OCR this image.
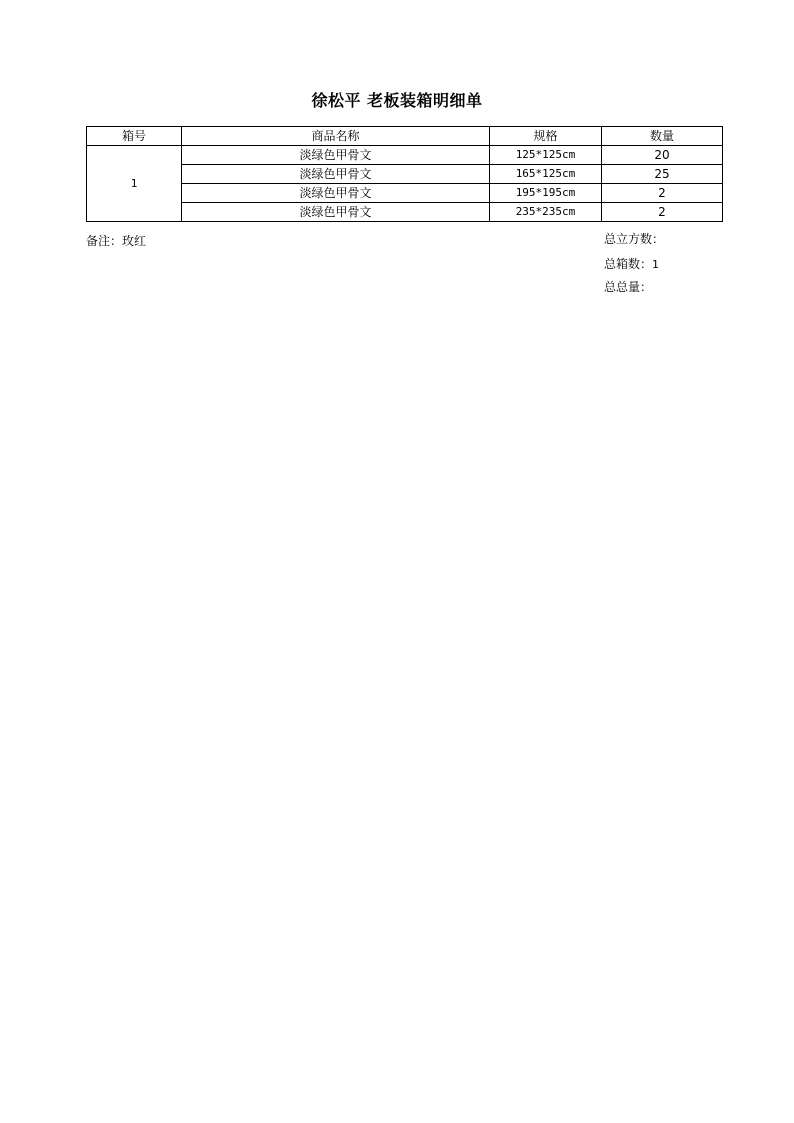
徐松平 老板装箱明细单
箱号	商品名称	规格	数量
1	淡绿色甲骨文	125*125cm	20
	淡绿色甲骨文	165*125cm	25
	淡绿色甲骨文	195*195cm	2
	淡绿色甲骨文	235*235cm	2
备注：玫红	总立方数：
总箱数：1
总总量：
